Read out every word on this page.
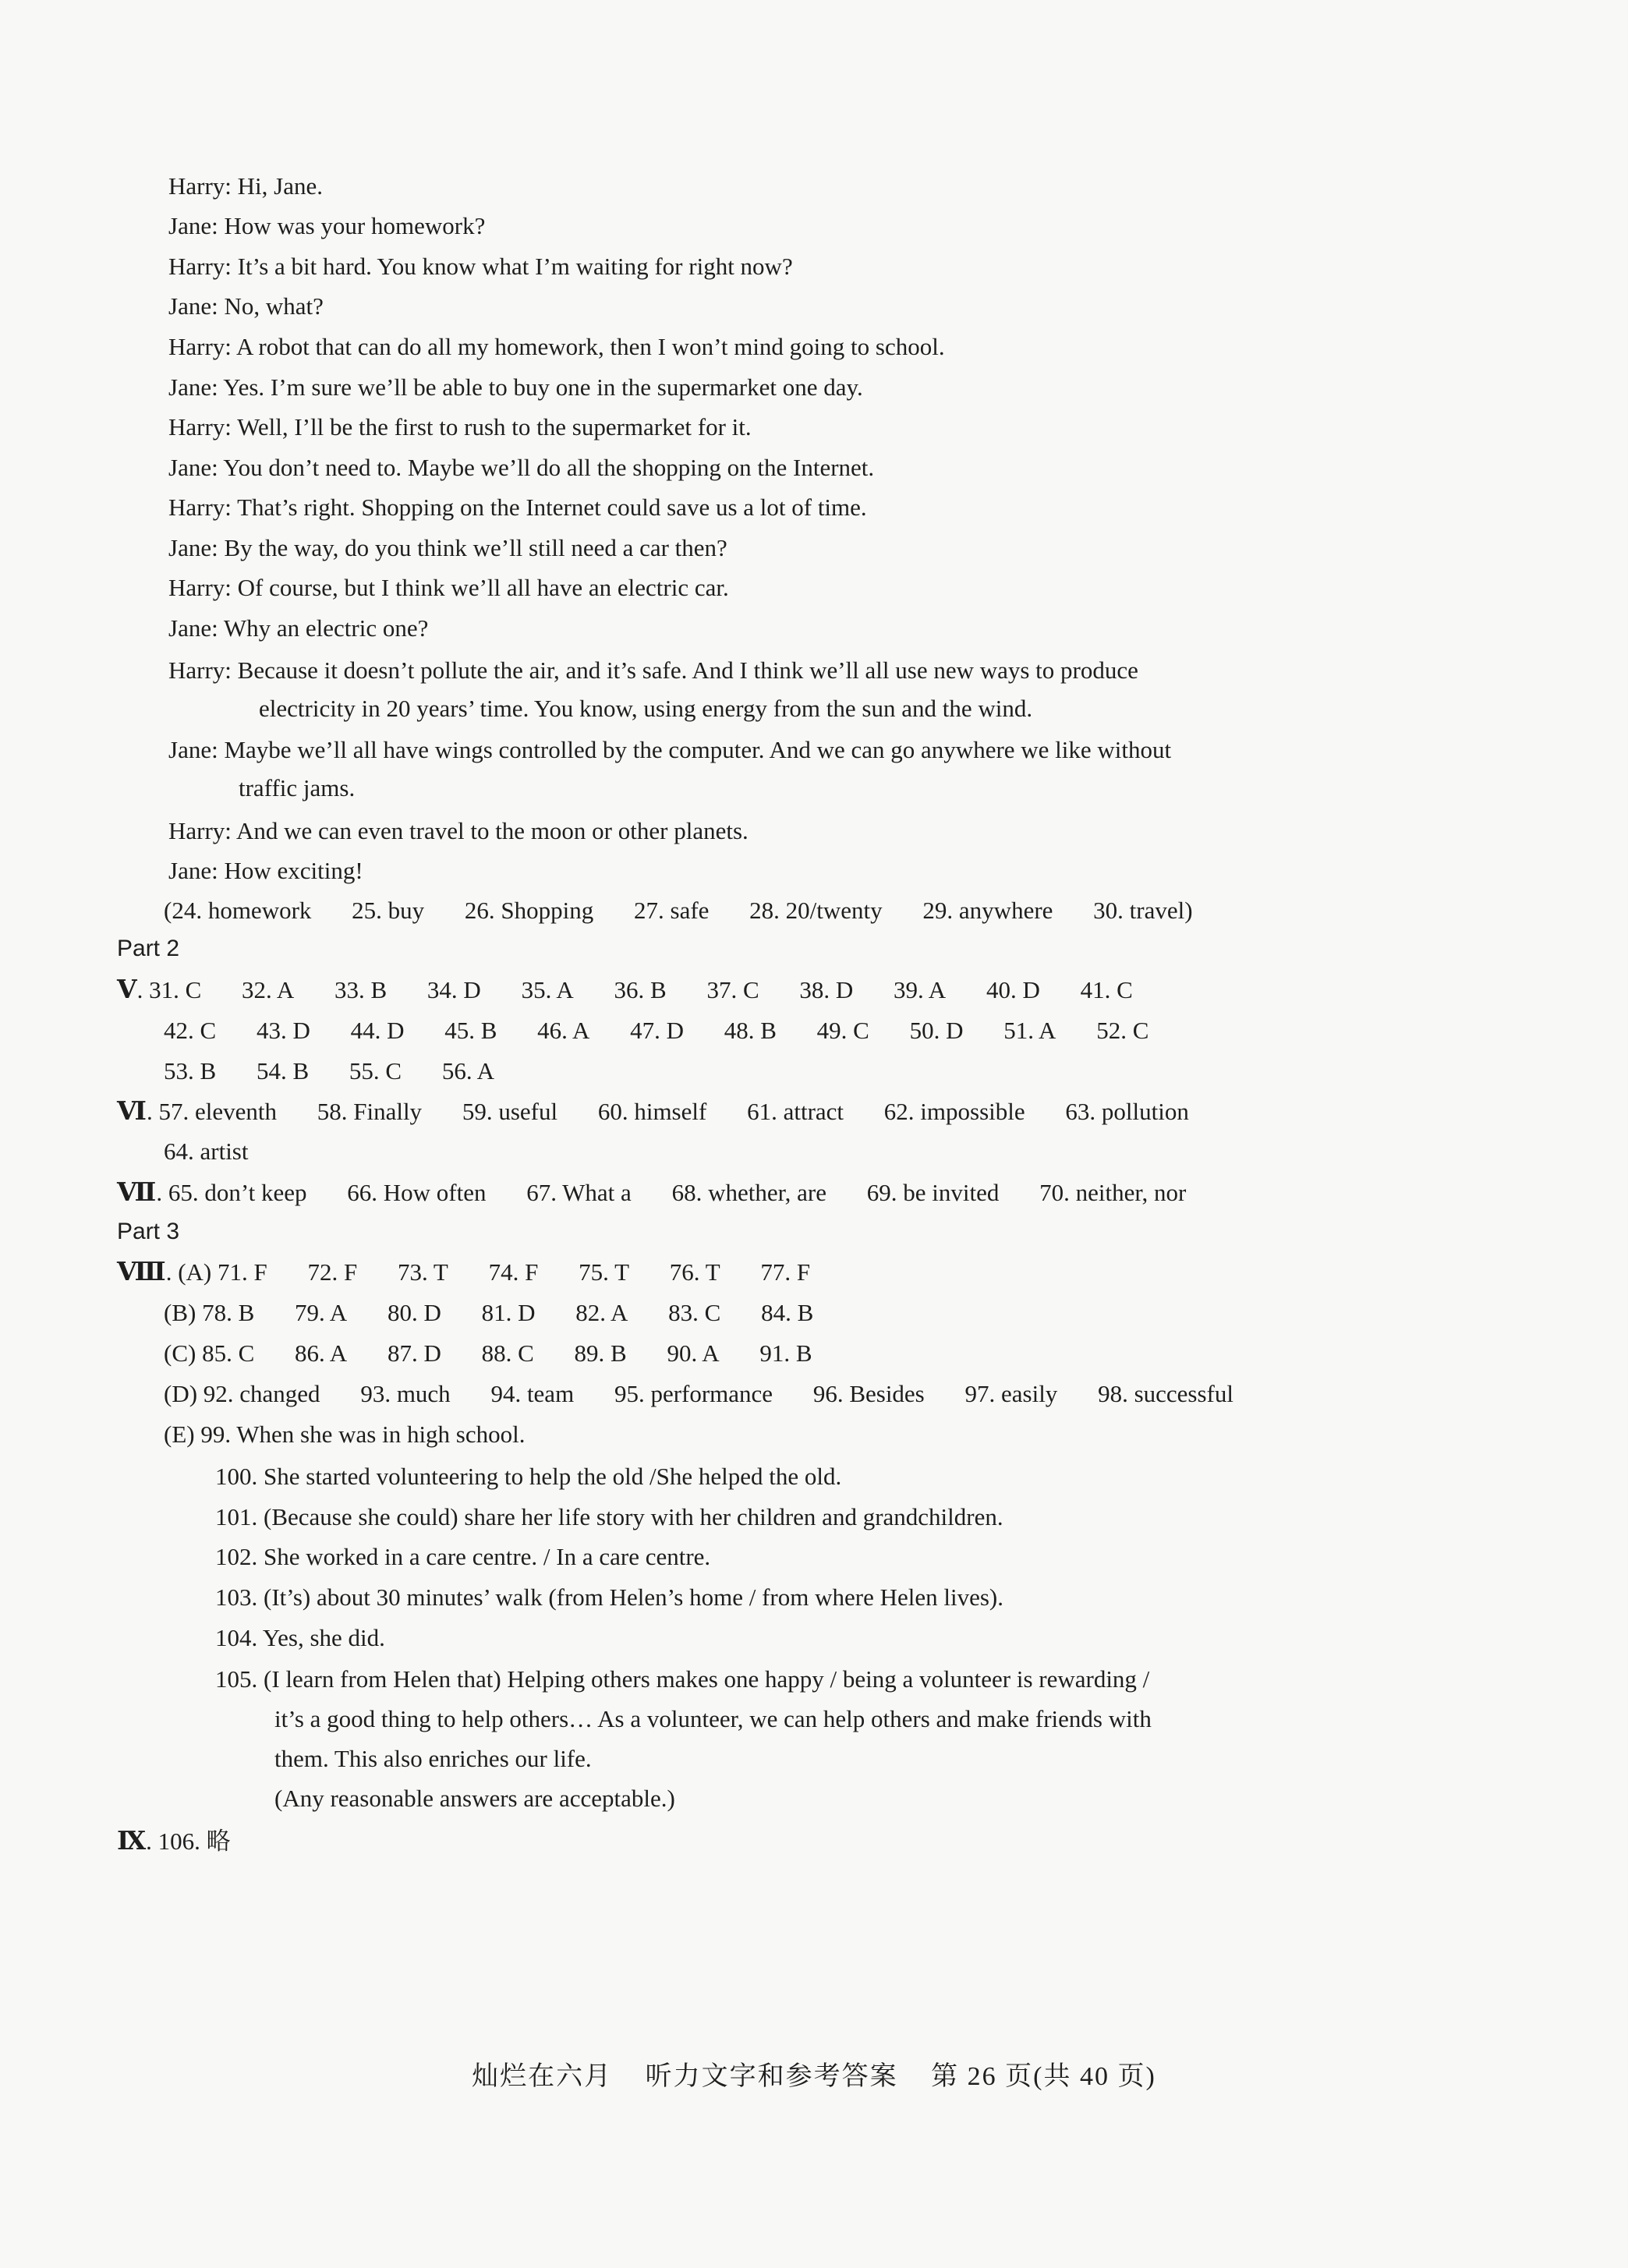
Harry: Hi, Jane.
Jane: How was your homework?
Harry: It’s a bit hard. You know what I’m waiting for right now?
Jane: No, what?
Harry: A robot that can do all my homework, then I won’t mind going to school.
Jane: Yes. I’m sure we’ll be able to buy one in the supermarket one day.
Harry: Well, I’ll be the first to rush to the supermarket for it.
Jane: You don’t need to. Maybe we’ll do all the shopping on the Internet.
Harry: That’s right. Shopping on the Internet could save us a lot of time.
Jane: By the way, do you think we’ll still need a car then?
Harry: Of course, but I think we’ll all have an electric car.
Jane: Why an electric one?
Harry: Because it doesn’t pollute the air, and it’s safe. And I think we’ll all use new ways to produce
electricity in 20 years’ time. You know, using energy from the sun and the wind.
Jane: Maybe we’ll all have wings controlled by the computer. And we can go anywhere we like without
traffic jams.
Harry: And we can even travel to the moon or other planets.
Jane: How exciting!
(24. homework 25. buy 26. Shopping 27. safe 28. 20/twenty 29. anywhere 30. travel)
Part 2
Ⅴ. 31. C 32. A 33. B 34. D 35. A 36. B 37. C 38. D 39. A 40. D 41. C
42. C 43. D 44. D 45. B 46. A 47. D 48. B 49. C 50. D 51. A 52. C
53. B 54. B 55. C 56. A
Ⅵ. 57. eleventh 58. Finally 59. useful 60. himself 61. attract 62. impossible 63. pollution
64. artist
Ⅶ. 65. don’t keep 66. How often 67. What a 68. whether, are 69. be invited 70. neither, nor
Part 3
Ⅷ. (A) 71. F 72. F 73. T 74. F 75. T 76. T 77. F
(B) 78. B 79. A 80. D 81. D 82. A 83. C 84. B
(C) 85. C 86. A 87. D 88. C 89. B 90. A 91. B
(D) 92. changed 93. much 94. team 95. performance 96. Besides 97. easily 98. successful
(E) 99. When she was in high school.
100. She started volunteering to help the old /She helped the old.
101. (Because she could) share her life story with her children and grandchildren.
102. She worked in a care centre. / In a care centre.
103. (It’s) about 30 minutes’ walk (from Helen’s home / from where Helen lives).
104. Yes, she did.
105. (I learn from Helen that) Helping others makes one happy / being a volunteer is rewarding /
it’s a good thing to help others… As a volunteer, we can help others and make friends with
them. This also enriches our life.
(Any reasonable answers are acceptable.)
Ⅸ. 106. 略
灿烂在六月 听力文字和参考答案 第 26 页(共 40 页)
